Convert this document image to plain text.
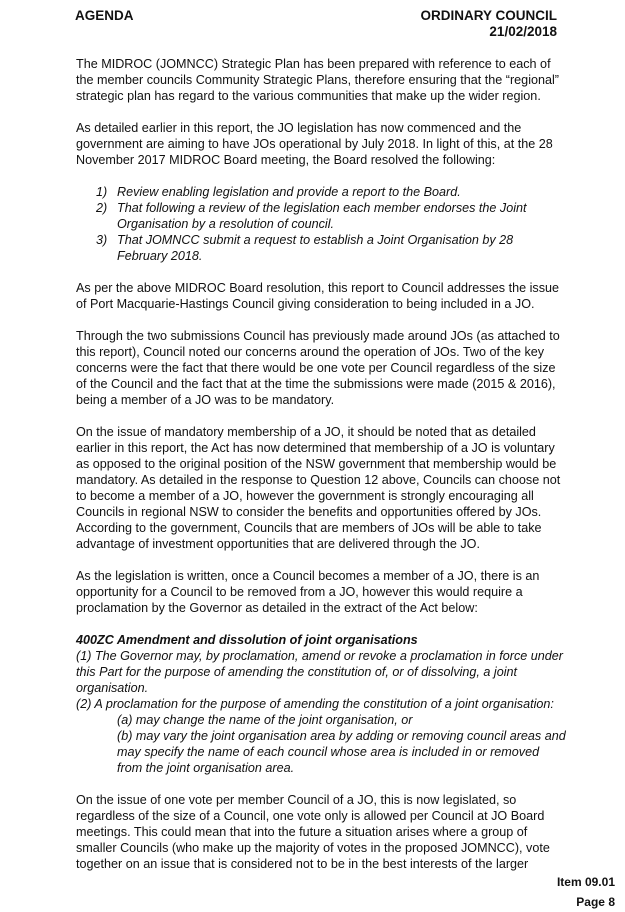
AGENDA	ORDINARY COUNCIL
21/02/2018

The MIDROC (JOMNCC) Strategic Plan has been prepared with reference to each of the member councils Community Strategic Plans, therefore ensuring that the “regional” strategic plan has regard to the various communities that make up the wider region.

As detailed earlier in this report, the JO legislation has now commenced and the government are aiming to have JOs operational by July 2018. In light of this, at the 28 November 2017 MIDROC Board meeting, the Board resolved the following:

1) Review enabling legislation and provide a report to the Board.
2) That following a review of the legislation each member endorses the Joint Organisation by a resolution of council.
3) That JOMNCC submit a request to establish a Joint Organisation by 28 February 2018.

As per the above MIDROC Board resolution, this report to Council addresses the issue of Port Macquarie-Hastings Council giving consideration to being included in a JO.

Through the two submissions Council has previously made around JOs (as attached to this report), Council noted our concerns around the operation of JOs. Two of the key concerns were the fact that there would be one vote per Council regardless of the size of the Council and the fact that at the time the submissions were made (2015 & 2016), being a member of a JO was to be mandatory.

On the issue of mandatory membership of a JO, it should be noted that as detailed earlier in this report, the Act has now determined that membership of a JO is voluntary as opposed to the original position of the NSW government that membership would be mandatory. As detailed in the response to Question 12 above, Councils can choose not to become a member of a JO, however the government is strongly encouraging all Councils in regional NSW to consider the benefits and opportunities offered by JOs. According to the government, Councils that are members of JOs will be able to take advantage of investment opportunities that are delivered through the JO.

As the legislation is written, once a Council becomes a member of a JO, there is an opportunity for a Council to be removed from a JO, however this would require a proclamation by the Governor as detailed in the extract of the Act below:

400ZC Amendment and dissolution of joint organisations
(1) The Governor may, by proclamation, amend or revoke a proclamation in force under this Part for the purpose of amending the constitution of, or of dissolving, a joint organisation.
(2) A proclamation for the purpose of amending the constitution of a joint organisation:
(a) may change the name of the joint organisation, or
(b) may vary the joint organisation area by adding or removing council areas and may specify the name of each council whose area is included in or removed from the joint organisation area.

On the issue of one vote per member Council of a JO, this is now legislated, so regardless of the size of a Council, one vote only is allowed per Council at JO Board meetings. This could mean that into the future a situation arises where a group of smaller Councils (who make up the majority of votes in the proposed JOMNCC), vote together on an issue that is considered not to be in the best interests of the larger

Item 09.01
Page 8
